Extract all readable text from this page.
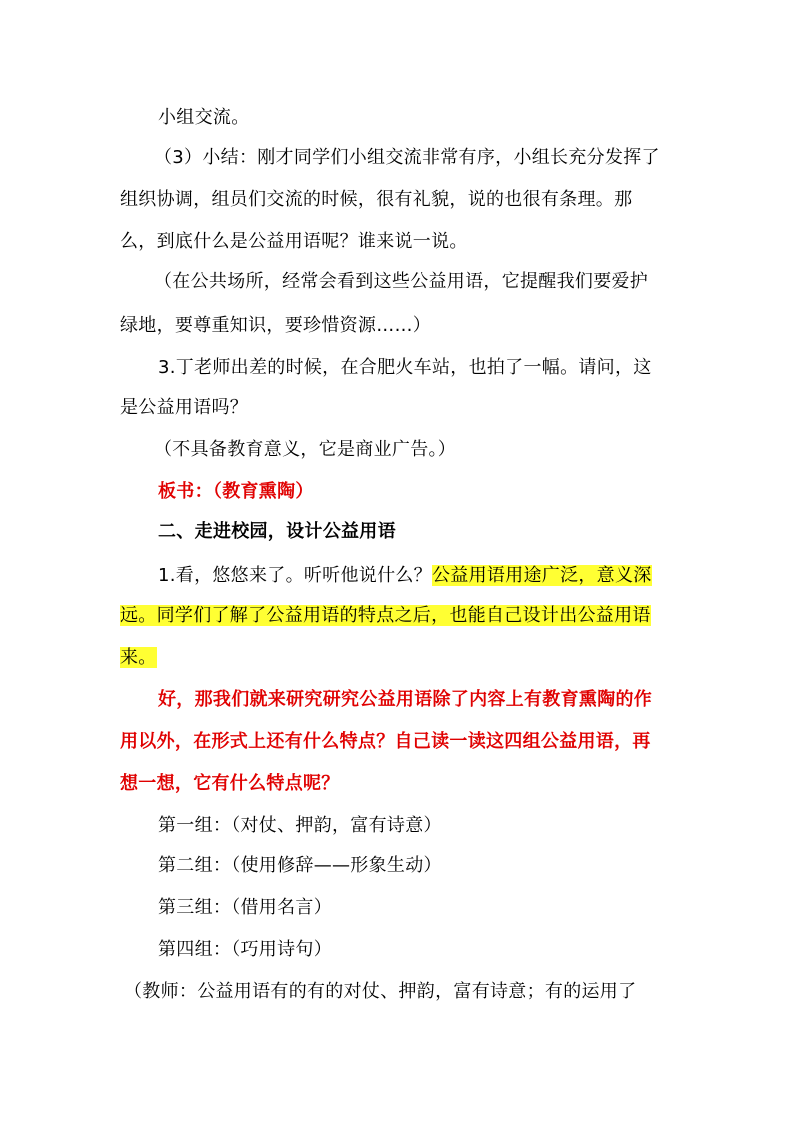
小组交流。
（3）小结：刚才同学们小组交流非常有序，小组长充分发挥了
组织协调，组员们交流的时候，很有礼貌，说的也很有条理。那
么，到底什么是公益用语呢？谁来说一说。
（在公共场所，经常会看到这些公益用语，它提醒我们要爱护
绿地，要尊重知识，要珍惜资源……）
3.丁老师出差的时候，在合肥火车站，也拍了一幅。请问，这
是公益用语吗？
（不具备教育意义，它是商业广告。）
板书：（教育熏陶）
二、走进校园，设计公益用语
1.看，悠悠来了。听听他说什么？公益用语用途广泛，意义深
远。同学们了解了公益用语的特点之后，也能自己设计出公益用语
来。
好，那我们就来研究研究公益用语除了内容上有教育熏陶的作
用以外，在形式上还有什么特点？自己读一读这四组公益用语，再
想一想，它有什么特点呢？
第一组：（对仗、押韵，富有诗意）
第二组：（使用修辞——形象生动）
第三组：（借用名言）
第四组：（巧用诗句）
（教师：公益用语有的有的对仗、押韵，富有诗意；有的运用了
